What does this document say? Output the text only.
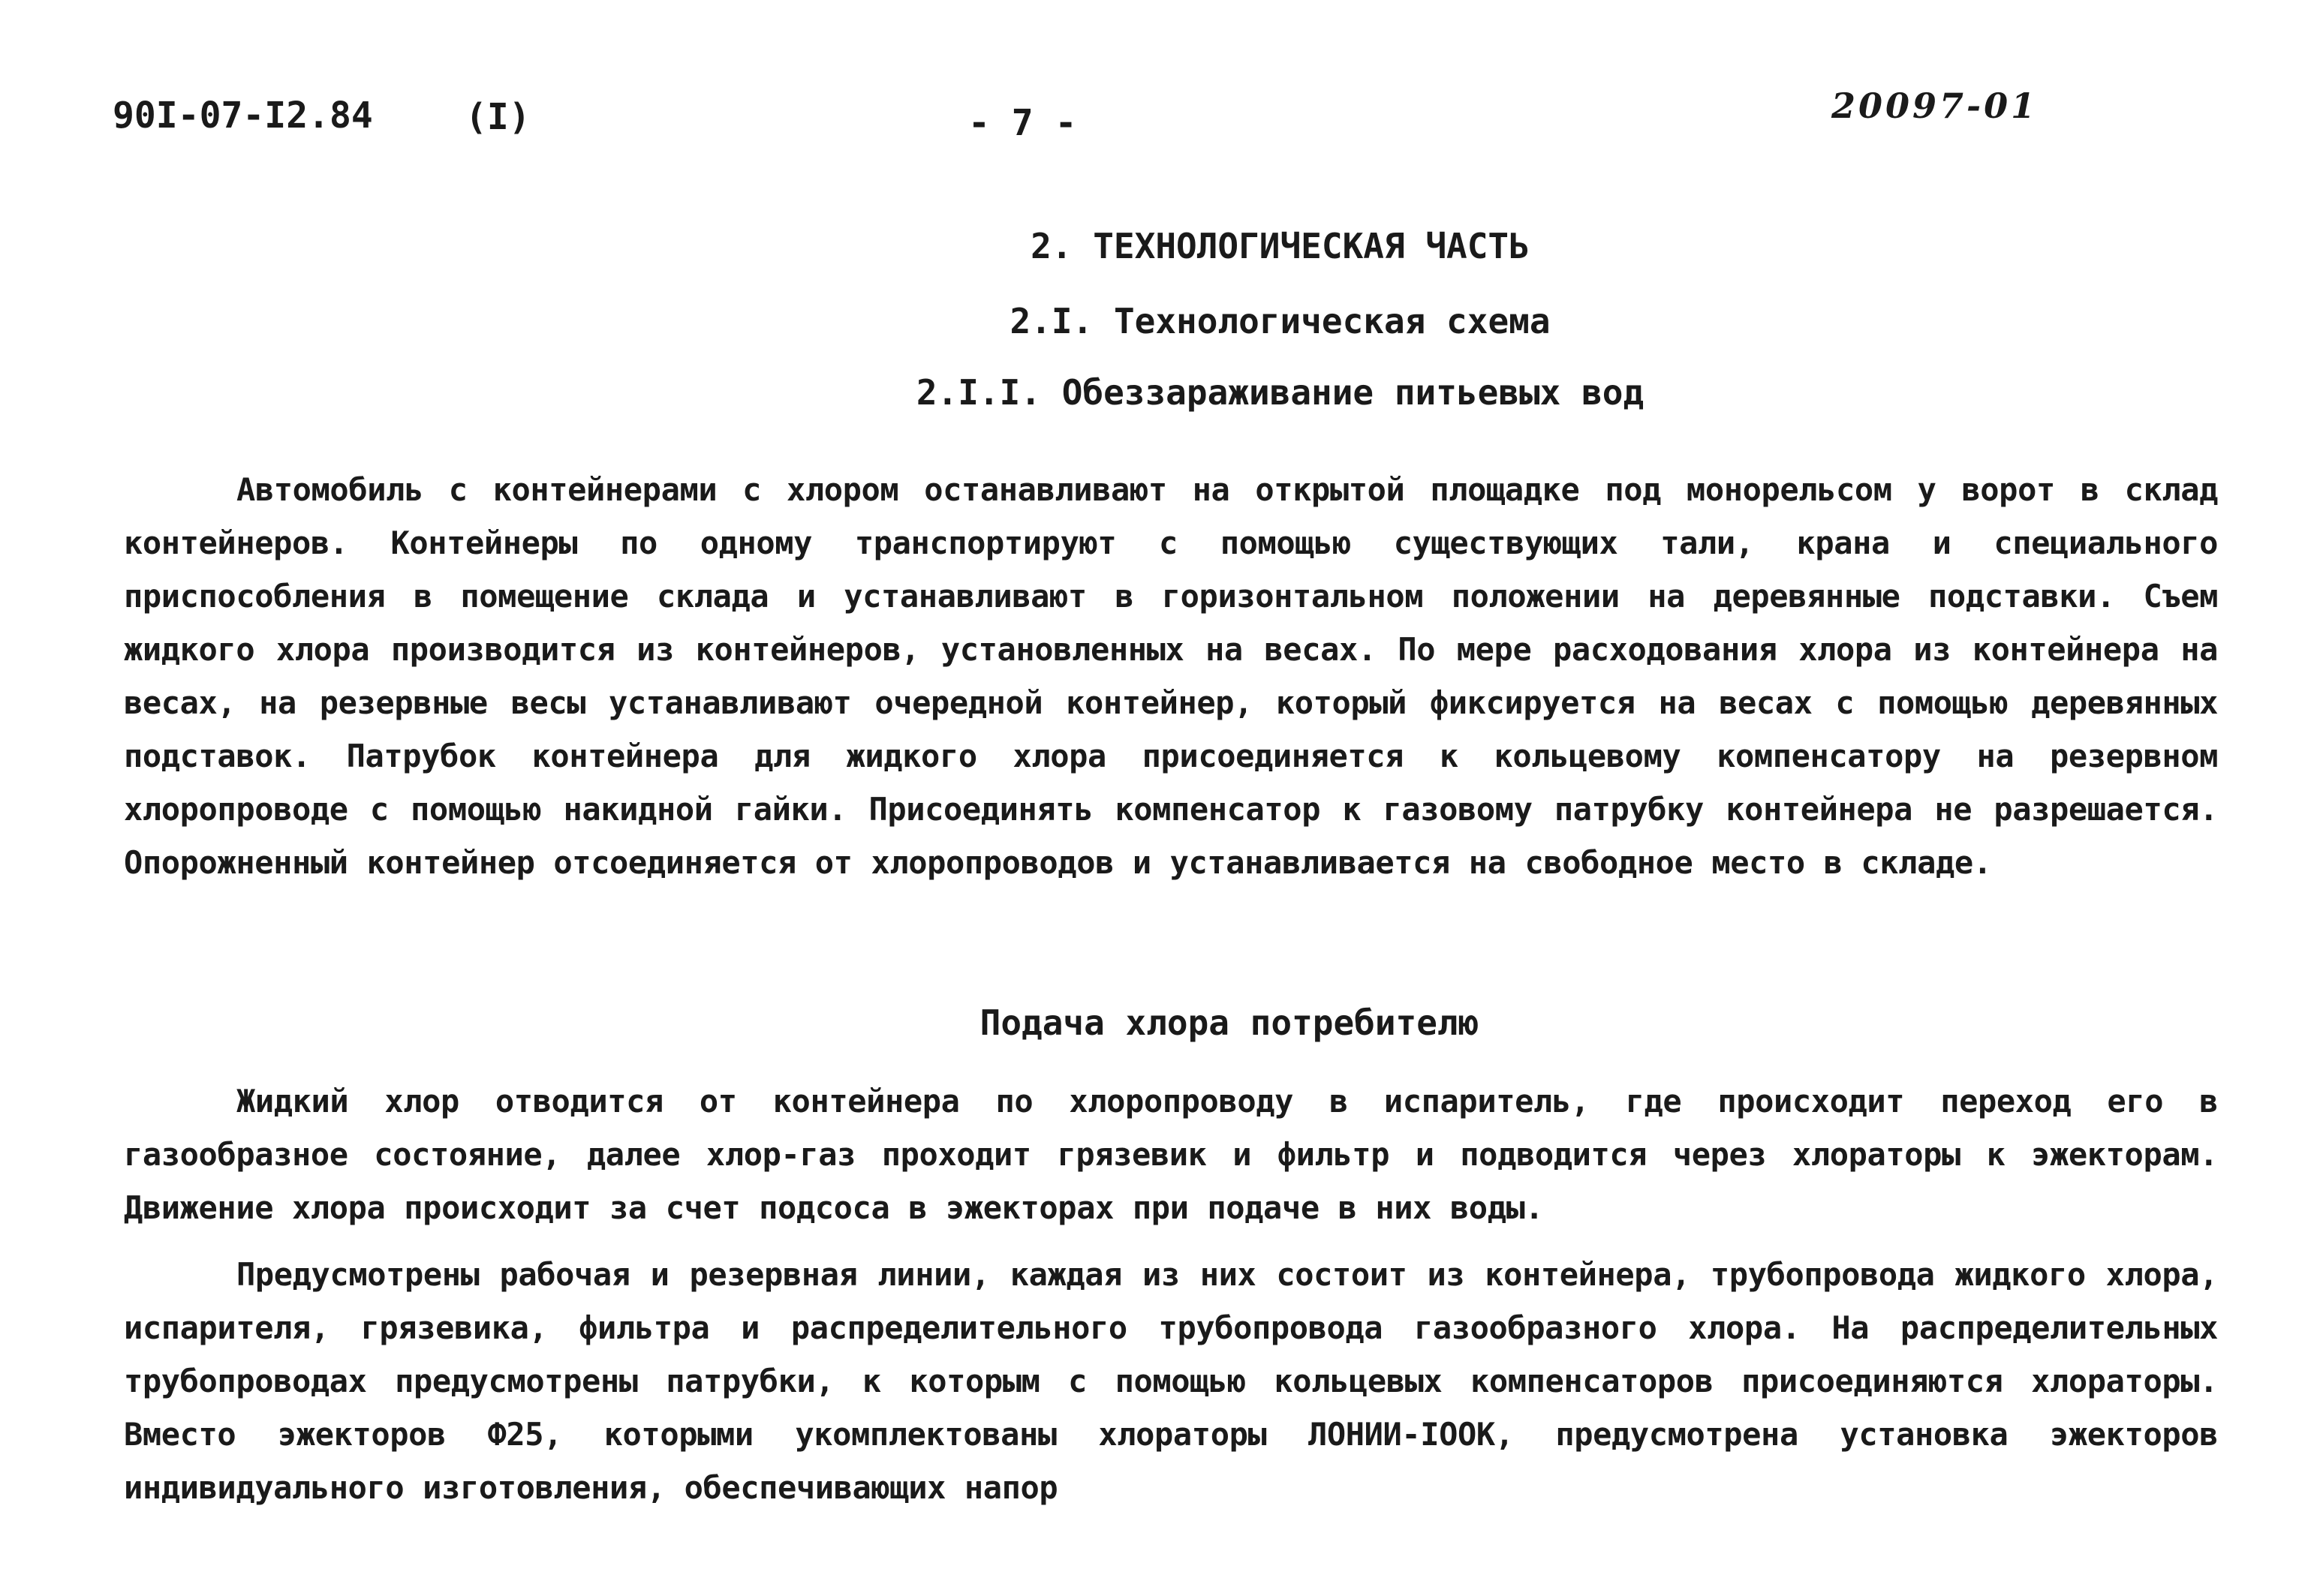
90I-07-I2.84	(I)	- 7 -	20097-01
2. ТЕХНОЛОГИЧЕСКАЯ ЧАСТЬ
2.I. Технологическая схема
2.I.I. Обеззараживание питьевых вод

Автомобиль с контейнерами с хлором останавливают на открытой площадке под монорельсом у ворот в склад контейнеров. Контейнеры по одному транспортируют с помощью существующих тали, крана и специального приспособления в помещение склада и устанавливают в горизонтальном положении на деревянные подставки. Съем жидкого хлора производится из контейнеров, установленных на весах. По мере расходования хлора из контейнера на весах, на резервные весы устанавливают очередной контейнер, который фиксируется на весах с помощью деревянных подставок. Патрубок контейнера для жидкого хлора присоединяется к кольцевому компенсатору на резервном хлоропроводе с помощью накидной гайки. Присоединять компенсатор к газовому патрубку контейнера не разрешается. Опорожненный контейнер отсоединяется от хлоропроводов и устанавливается на свободное место в складе.

Подача хлора потребителю

Жидкий хлор отводится от контейнера по хлоропроводу в испаритель, где происходит переход его в газообразное состояние, далее хлор-газ проходит грязевик и фильтр и подводится через хлораторы к эжекторам. Движение хлора происходит за счет подсоса в эжекторах при подаче в них воды.

Предусмотрены рабочая и резервная линии, каждая из них состоит из контейнера, трубопровода жидкого хлора, испарителя, грязевика, фильтра и распределительного трубопровода газообразного хлора. На распределительных трубопроводах предусмотрены патрубки, к которым с помощью кольцевых компенсаторов присоединяются хлораторы. Вместо эжекторов Ф25, которыми укомплектованы хлораторы ЛОНИИ-IOOК, предусмотрена установка эжекторов индивидуального изготовления, обеспечивающих напор
